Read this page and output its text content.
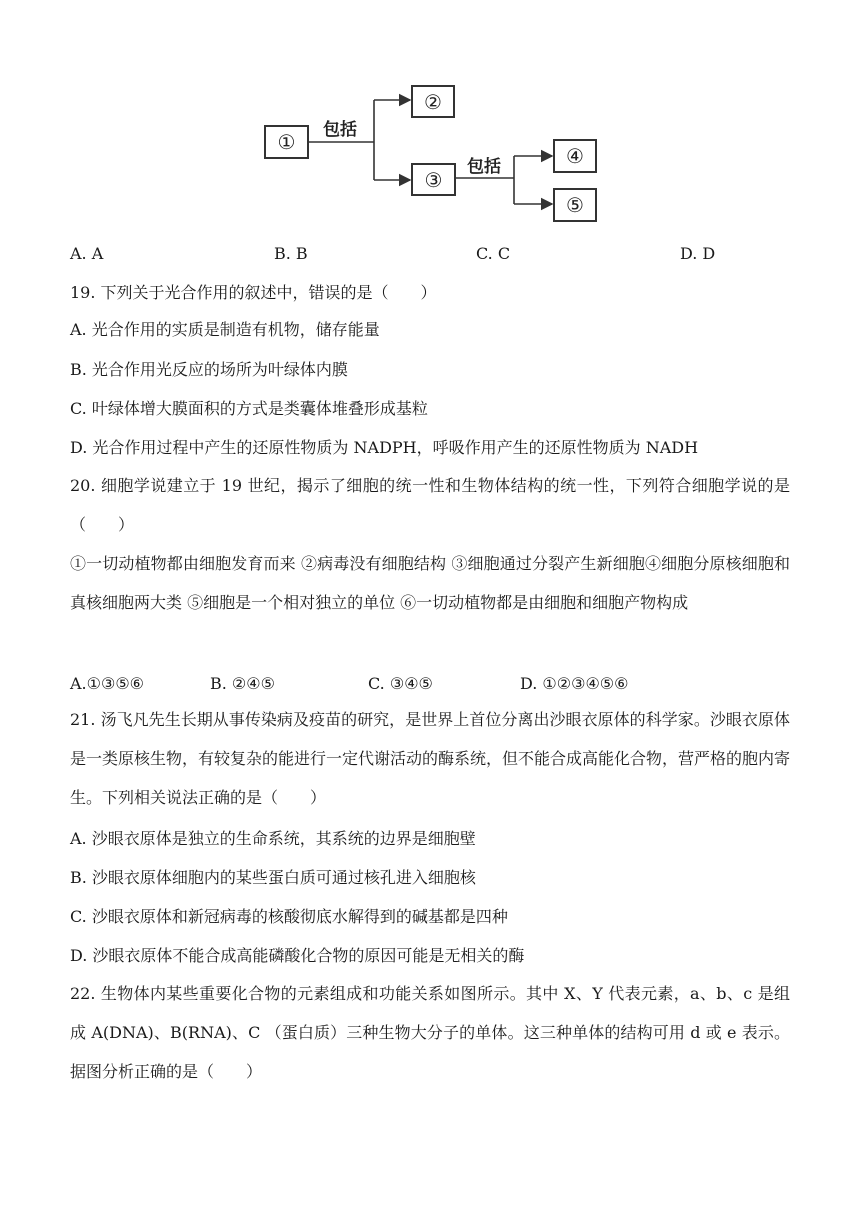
①
②
③
④
⑤
包括
包括
A. A	B. B	C. C	D. D
19. 下列关于光合作用的叙述中，错误的是（　　）
A. 光合作用的实质是制造有机物，储存能量
B. 光合作用光反应的场所为叶绿体内膜
C. 叶绿体增大膜面积的方式是类囊体堆叠形成基粒
D. 光合作用过程中产生的还原性物质为 NADPH，呼吸作用产生的还原性物质为 NADH
20. 细胞学说建立于 19 世纪，揭示了细胞的统一性和生物体结构的统一性，下列符合细胞学说的是（　　）
①一切动植物都由细胞发育而来 ②病毒没有细胞结构 ③细胞通过分裂产生新细胞④细胞分原核细胞和真核细胞两大类 ⑤细胞是一个相对独立的单位 ⑥一切动植物都是由细胞和细胞产物构成
A.①③⑤⑥	B. ②④⑤	C. ③④⑤	D. ①②③④⑤⑥
21. 汤飞凡先生长期从事传染病及疫苗的研究，是世界上首位分离出沙眼衣原体的科学家。沙眼衣原体是一类原核生物，有较复杂的能进行一定代谢活动的酶系统，但不能合成高能化合物，营严格的胞内寄生。下列相关说法正确的是（　　）
A. 沙眼衣原体是独立的生命系统，其系统的边界是细胞壁
B. 沙眼衣原体细胞内的某些蛋白质可通过核孔进入细胞核
C. 沙眼衣原体和新冠病毒的核酸彻底水解得到的碱基都是四种
D. 沙眼衣原体不能合成高能磷酸化合物的原因可能是无相关的酶
22. 生物体内某些重要化合物的元素组成和功能关系如图所示。其中 X、Y 代表元素，a、b、c 是组成 A(DNA)、B(RNA)、C （蛋白质）三种生物大分子的单体。这三种单体的结构可用 d 或 e 表示。据图分析正确的是（　　）
